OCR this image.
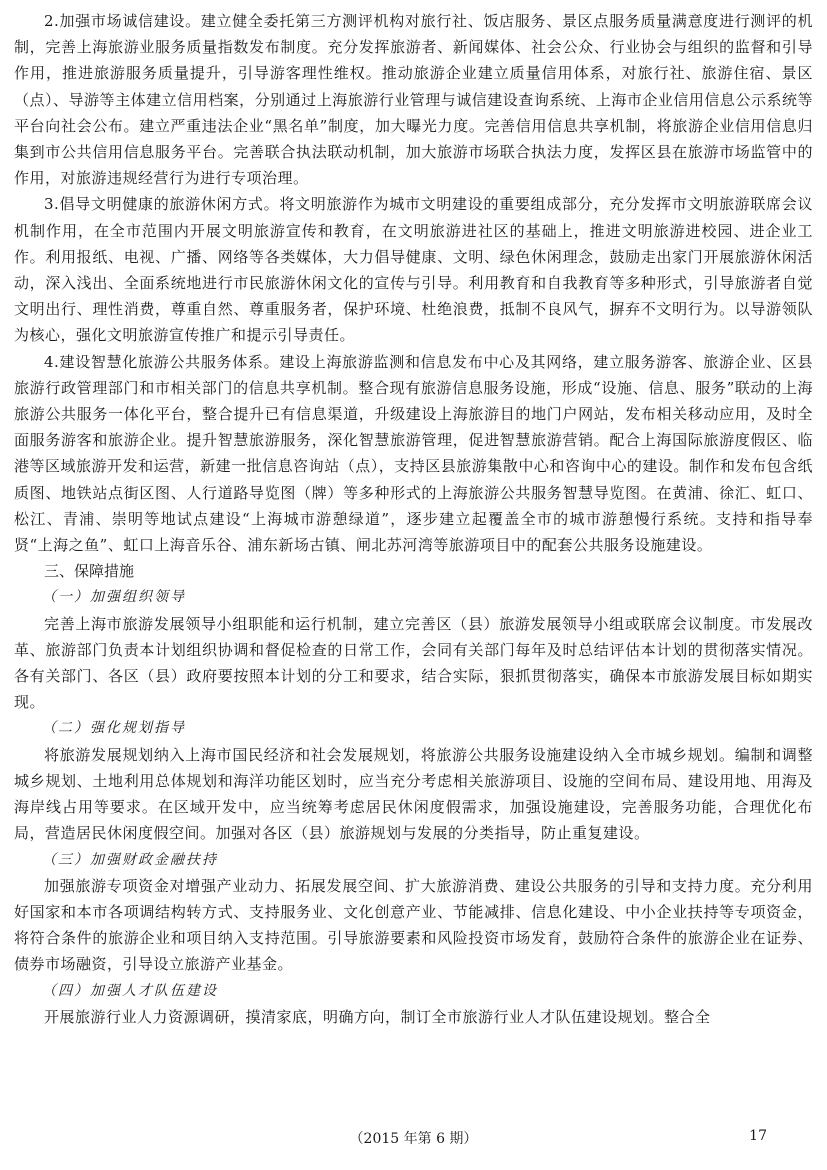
2.加强市场诚信建设。建立健全委托第三方测评机构对旅行社、饭店服务、景区点服务质量满意度进行测评的机制，完善上海旅游业服务质量指数发布制度。充分发挥旅游者、新闻媒体、社会公众、行业协会与组织的监督和引导作用，推进旅游服务质量提升，引导游客理性维权。推动旅游企业建立质量信用体系，对旅行社、旅游住宿、景区（点）、导游等主体建立信用档案，分别通过上海旅游行业管理与诚信建设查询系统、上海市企业信用信息公示系统等平台向社会公布。建立严重违法企业“黑名单”制度，加大曝光力度。完善信用信息共享机制，将旅游企业信用信息归集到市公共信用信息服务平台。完善联合执法联动机制，加大旅游市场联合执法力度，发挥区县在旅游市场监管中的作用，对旅游违规经营行为进行专项治理。

3.倡导文明健康的旅游休闲方式。将文明旅游作为城市文明建设的重要组成部分，充分发挥市文明旅游联席会议机制作用，在全市范围内开展文明旅游宣传和教育，在文明旅游进社区的基础上，推进文明旅游进校园、进企业工作。利用报纸、电视、广播、网络等各类媒体，大力倡导健康、文明、绿色休闲理念，鼓励走出家门开展旅游休闲活动，深入浅出、全面系统地进行市民旅游休闲文化的宣传与引导。利用教育和自我教育等多种形式，引导旅游者自觉文明出行、理性消费，尊重自然、尊重服务者，保护环境、杜绝浪费，抵制不良风气，摒弃不文明行为。以导游领队为核心，强化文明旅游宣传推广和提示引导责任。

4.建设智慧化旅游公共服务体系。建设上海旅游监测和信息发布中心及其网络，建立服务游客、旅游企业、区县旅游行政管理部门和市相关部门的信息共享机制。整合现有旅游信息服务设施，形成“设施、信息、服务”联动的上海旅游公共服务一体化平台，整合提升已有信息渠道，升级建设上海旅游目的地门户网站，发布相关移动应用，及时全面服务游客和旅游企业。提升智慧旅游服务，深化智慧旅游管理，促进智慧旅游营销。配合上海国际旅游度假区、临港等区域旅游开发和运营，新建一批信息咨询站（点），支持区县旅游集散中心和咨询中心的建设。制作和发布包含纸质图、地铁站点街区图、人行道路导览图（牌）等多种形式的上海旅游公共服务智慧导览图。在黄浦、徐汇、虹口、松江、青浦、崇明等地试点建设“上海城市游憩绿道”，逐步建立起覆盖全市的城市游憩慢行系统。支持和指导奉贤“上海之鱼”、虹口上海音乐谷、浦东新场古镇、闸北苏河湾等旅游项目中的配套公共服务设施建设。

三、保障措施

（一）加强组织领导

完善上海市旅游发展领导小组职能和运行机制，建立完善区（县）旅游发展领导小组或联席会议制度。市发展改革、旅游部门负责本计划组织协调和督促检查的日常工作，会同有关部门每年及时总结评估本计划的贯彻落实情况。各有关部门、各区（县）政府要按照本计划的分工和要求，结合实际，狠抓贯彻落实，确保本市旅游发展目标如期实现。

（二）强化规划指导

将旅游发展规划纳入上海市国民经济和社会发展规划，将旅游公共服务设施建设纳入全市城乡规划。编制和调整城乡规划、土地利用总体规划和海洋功能区划时，应当充分考虑相关旅游项目、设施的空间布局、建设用地、用海及海岸线占用等要求。在区域开发中，应当统筹考虑居民休闲度假需求，加强设施建设，完善服务功能，合理优化布局，营造居民休闲度假空间。加强对各区（县）旅游规划与发展的分类指导，防止重复建设。

（三）加强财政金融扶持

加强旅游专项资金对增强产业动力、拓展发展空间、扩大旅游消费、建设公共服务的引导和支持力度。充分利用好国家和本市各项调结构转方式、支持服务业、文化创意产业、节能减排、信息化建设、中小企业扶持等专项资金，将符合条件的旅游企业和项目纳入支持范围。引导旅游要素和风险投资市场发育，鼓励符合条件的旅游企业在证券、债券市场融资，引导设立旅游产业基金。

（四）加强人才队伍建设

开展旅游行业人力资源调研，摸清家底，明确方向，制订全市旅游行业人才队伍建设规划。整合全

（2015 年第 6 期）	17
